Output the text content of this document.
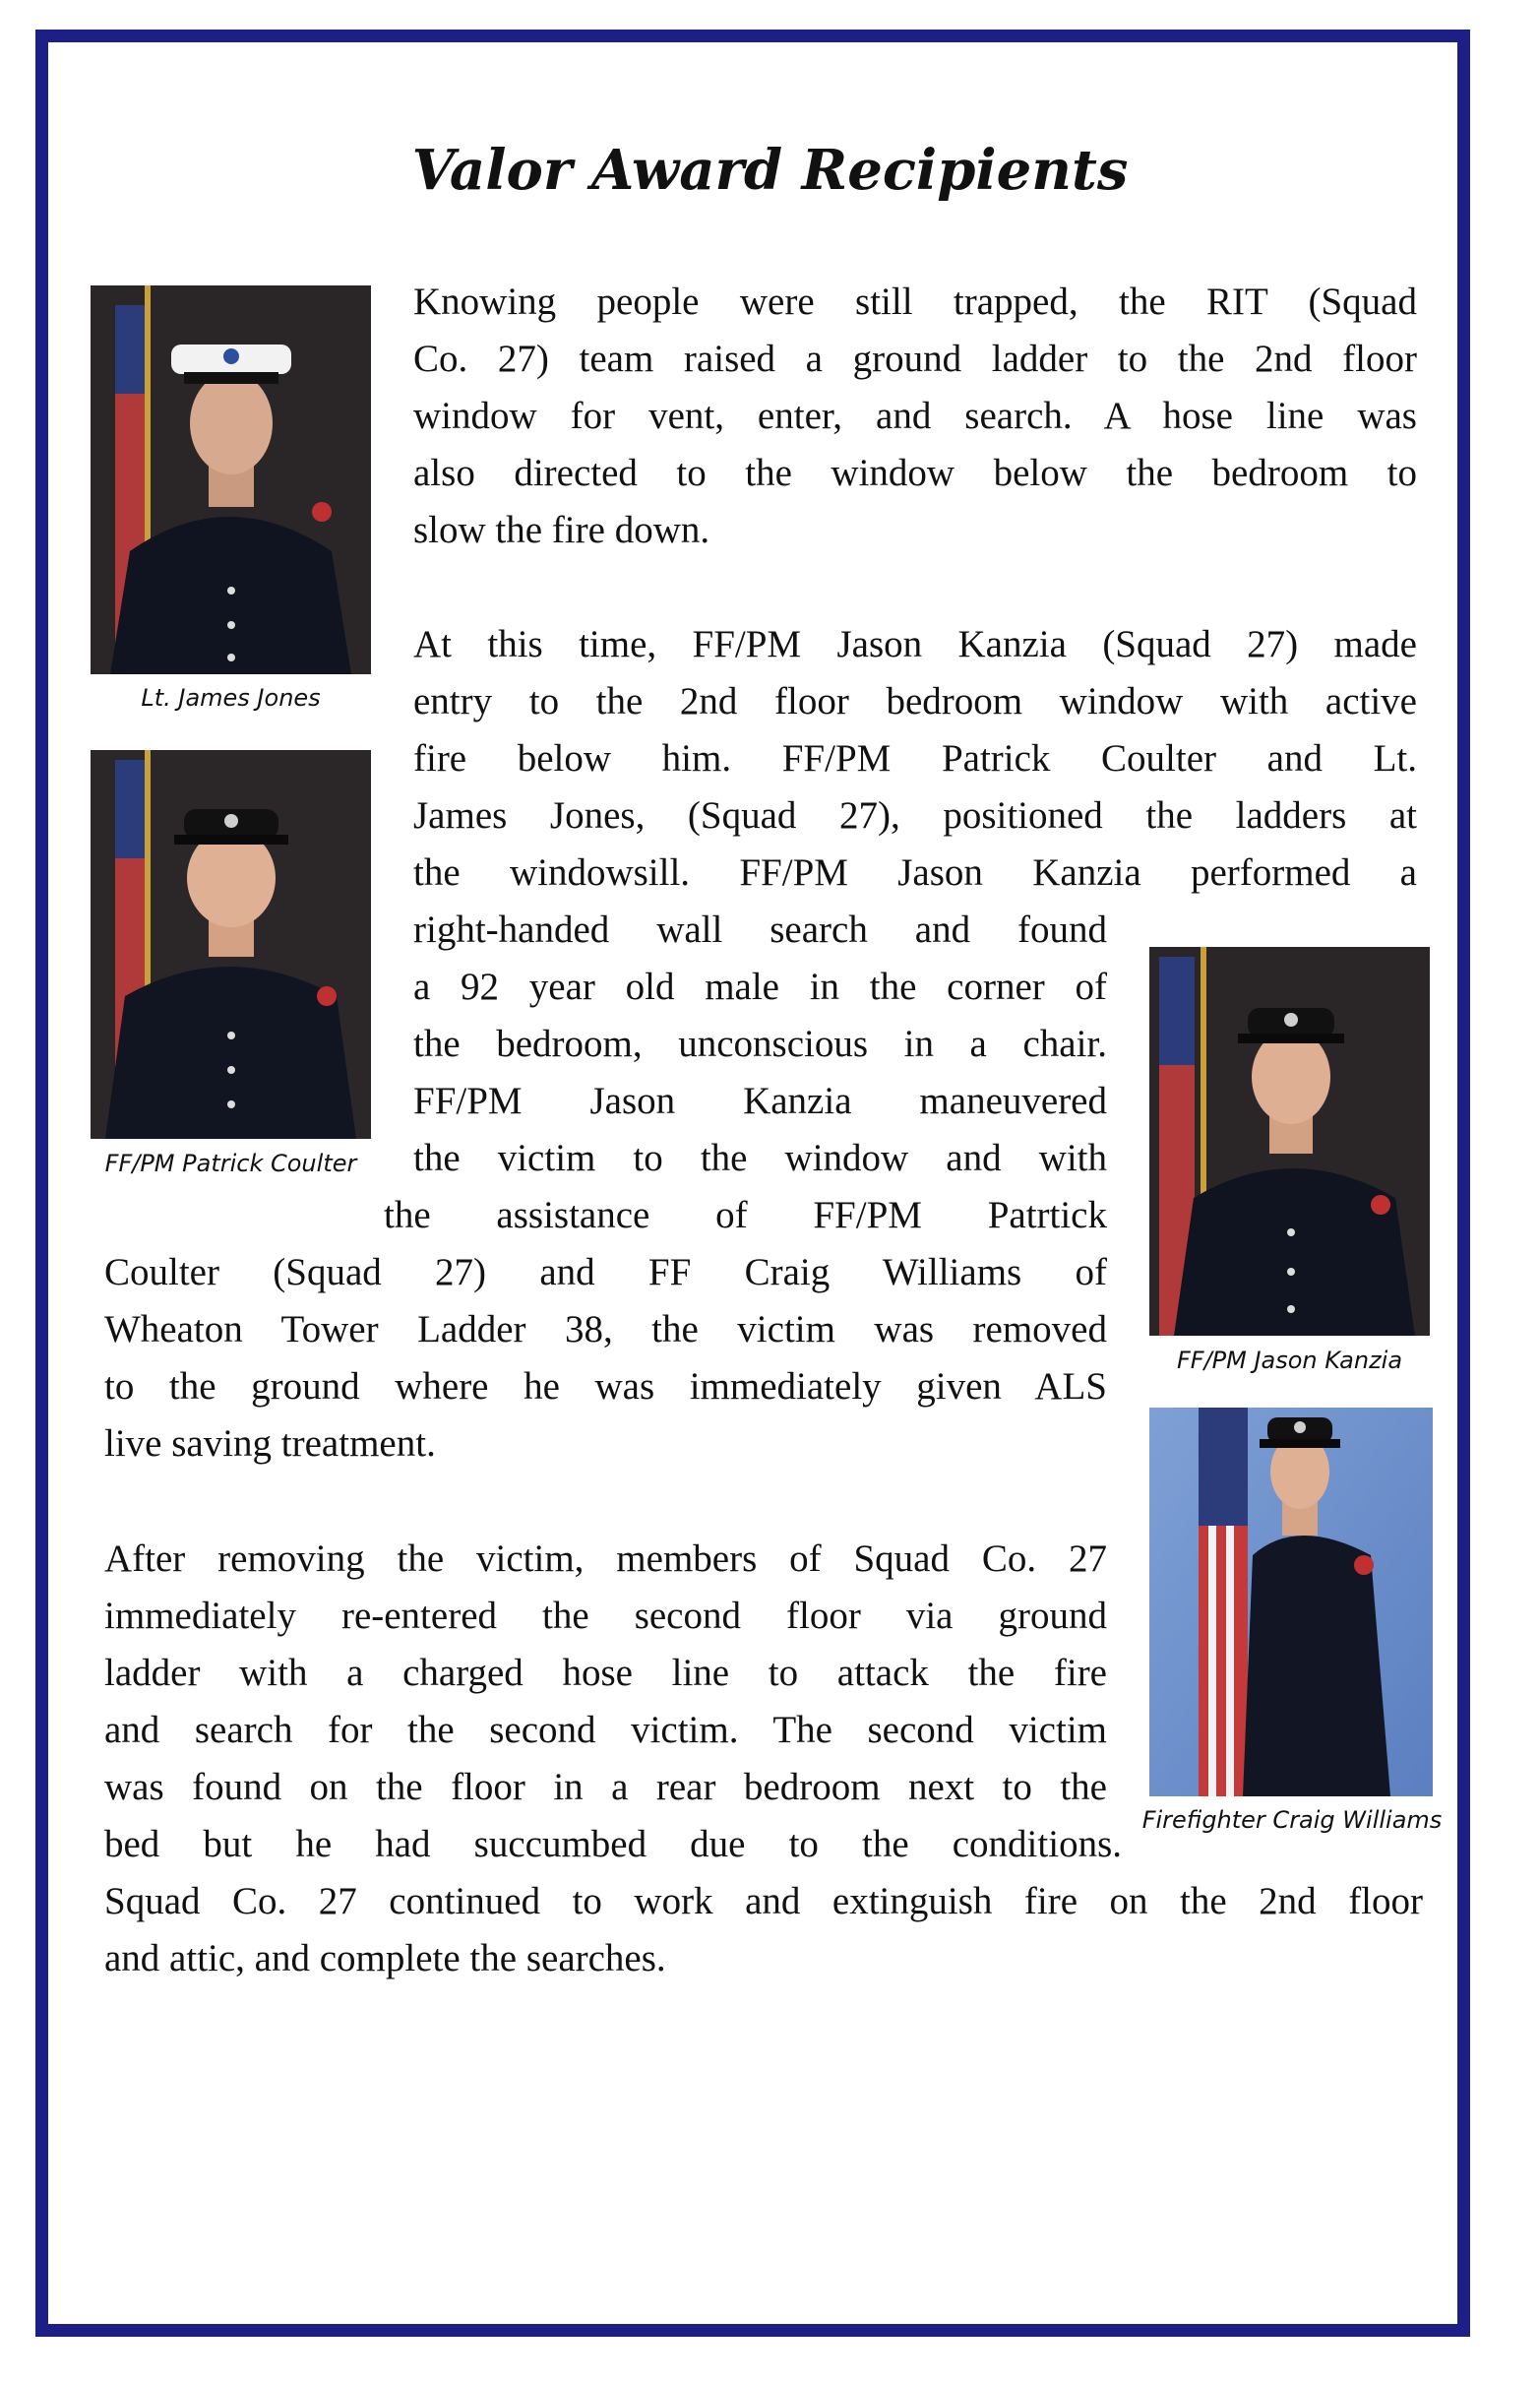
Valor Award Recipients

Knowing people were still trapped, the RIT (Squad

Co. 27) team raised a ground ladder to the 2nd floor

window for vent, enter, and search. A hose line was

also directed to the window below the bedroom to

slow the fire down.

At this time, FF/PM Jason Kanzia (Squad 27) made

entry to the 2nd floor bedroom window with active

fire below him. FF/PM Patrick Coulter and Lt.

James Jones, (Squad 27), positioned the ladders at

the windowsill. FF/PM Jason Kanzia performed a

right-handed wall search and found

a 92 year old male in the corner of

the bedroom, unconscious in a chair.

FF/PM Jason Kanzia maneuvered

the victim to the window and with

the assistance of FF/PM Patrtick

Coulter (Squad 27) and FF Craig Williams of

Wheaton Tower Ladder 38, the victim was removed

to the ground where he was immediately given ALS

live saving treatment.

After removing the victim, members of Squad Co. 27

immediately re-entered the second floor via ground

ladder with a charged hose line to attack the fire

and search for the second victim. The second victim

was found on the floor in a rear bedroom next to the

bed but he had succumbed due to the conditions.

Squad Co. 27 continued to work and extinguish fire on the 2nd floor

and attic, and complete the searches.

Lt. James Jones
FF/PM Patrick Coulter
FF/PM Jason Kanzia
Firefighter Craig Williams
